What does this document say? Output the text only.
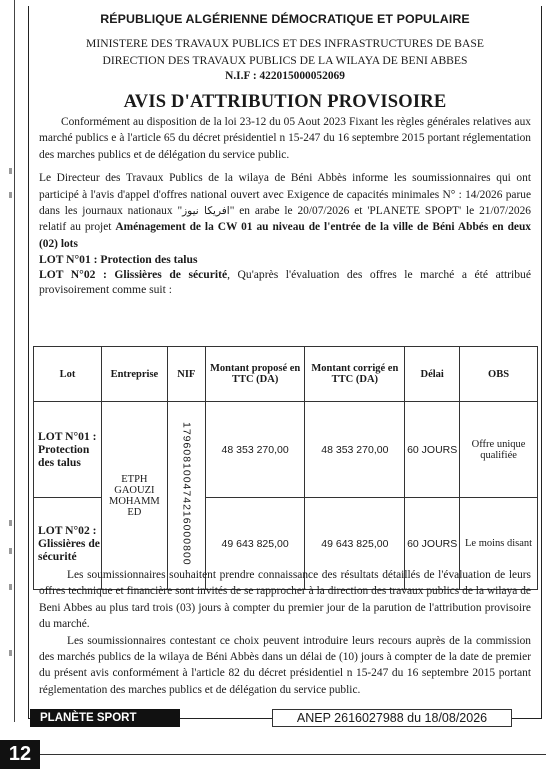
RÉPUBLIQUE ALGÉRIENNE DÉMOCRATIQUE ET POPULAIRE
MINISTERE DES TRAVAUX PUBLICS ET DES INFRASTRUCTURES DE BASE
DIRECTION DES TRAVAUX PUBLICS DE LA WILAYA DE BENI ABBES
N.I.F : 422015000052069
AVIS D'ATTRIBUTION PROVISOIRE
Conformément au disposition de la loi 23-12 du 05 Aout 2023 Fixant les règles générales relatives aux marché publics e à l'article 65 du décret présidentiel n 15-247 du 16 septembre 2015 portant réglementation des marches publics et de délégation du service public.
Le Directeur des Travaux Publics de la wilaya de Béni Abbès informe les soumissionnaires qui ont participé à l'avis d'appel d'offres national ouvert avec Exigence de capacités minimales N° : 14/2026 parue dans les journaux nationaux "افريكا نيوز" en arabe le 20/07/2026 et 'PLANETE SPOPT' le 21/07/2026 relatif au projet Aménagement de la CW 01 au niveau de l'entrée de la ville de Béni Abbés en deux (02) lots
LOT N°01 : Protection des talus
LOT N°02 : Glissières de sécurité, Qu'après l'évaluation des offres le marché a été attribué provisoirement comme suit :
Lot	Entreprise	NIF	Montant proposé en TTC (DA)	Montant corrigé en TTC (DA)	Délai	OBS
LOT N°01 : Protection des talus	ETPH GAOUZI MOHAMM ED	179608100474216000800	48 353 270,00	48 353 270,00	60 JOURS	Offre unique qualifiée
LOT N°02 : Glissières de sécurité			49 643 825,00	49 643 825,00	60 JOURS	Le moins disant
Les soumissionnaires souhaitent prendre connaissance des résultats détaillés de l'évaluation de leurs offres technique et financière sont invités de se rapprocher à la direction des travaux publics de la wilaya de Beni Abbes au plus tard trois (03) jours à compter du premier jour de la parution de l'attribution provisoire du marché.
Les soumissionnaires contestant ce choix peuvent introduire leurs recours auprès de la commission des marchés publics de la wilaya de Béni Abbès dans un délai de (10) jours à compter de la date de premier du présent avis conformément à l'article 82 du décret présidentiel n 15-247 du 16 septembre 2015 portant réglementation des marches publics et de délégation du service public.
PLANÈTE SPORT	ANEP 2616027988 du 18/08/2026
12
